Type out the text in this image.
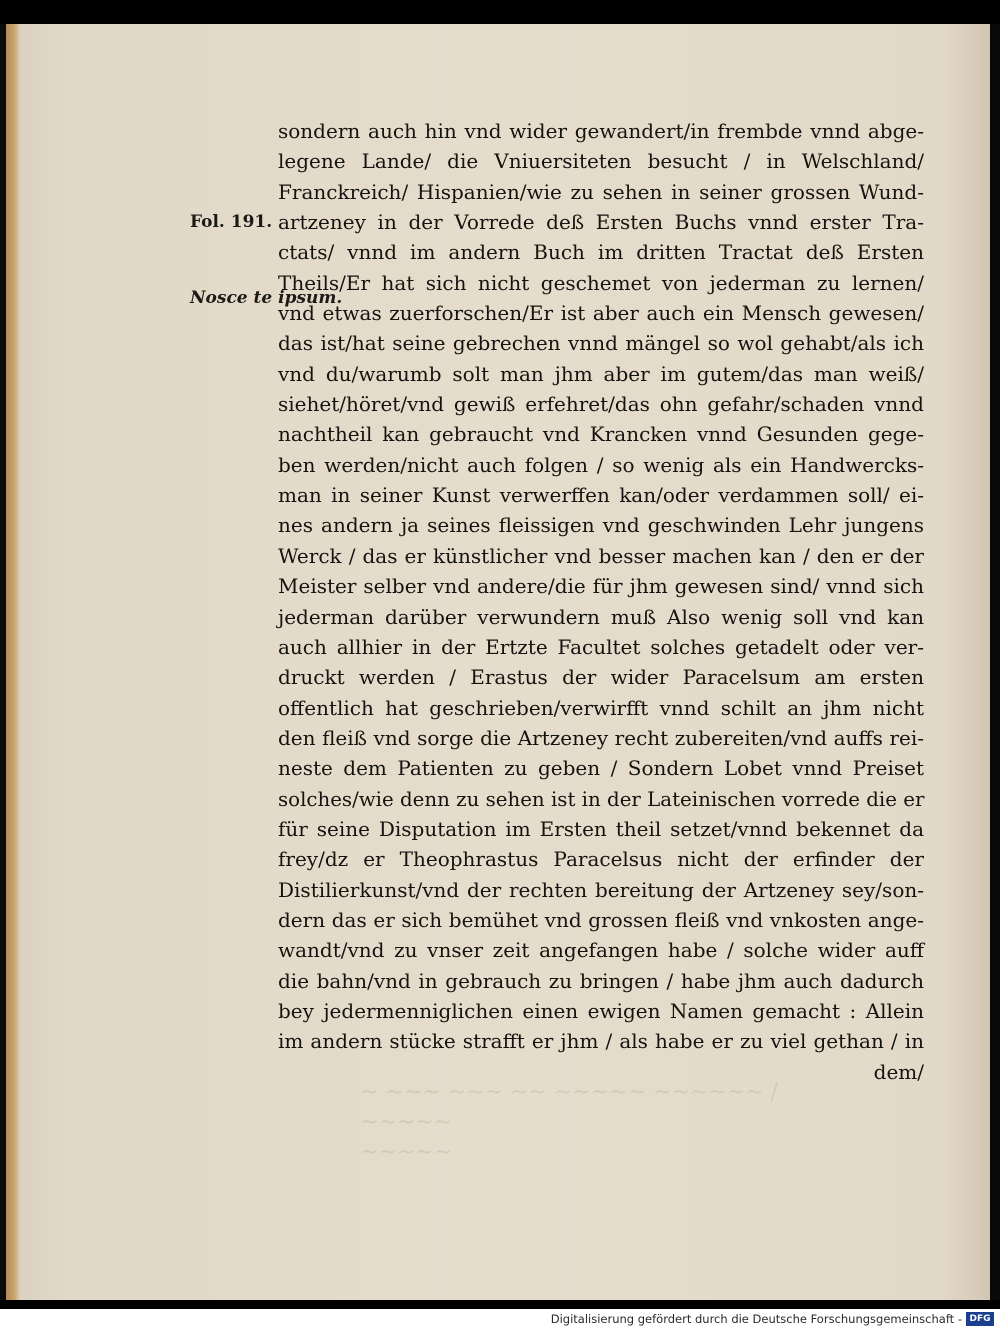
~ ~~~ ~~~ ~~ ~~~~~ ~~~~~~ / ~~~~~
~~~~~
Fol. 191.
Nosce te ipsum.
sondern auch hin vnd wider gewandert/in frembde vnnd abge-
legene Lande/ die Vniuersiteten besucht / in Welschland/
Franckreich/ Hispanien/wie zu sehen in seiner grossen Wund-
artzeney in der Vorrede deß Ersten Buchs vnnd erster Tra-
ctats/ vnnd im andern Buch im dritten Tractat deß Ersten
Theils/Er hat sich nicht geschemet von jederman zu lernen/
vnd etwas zuerforschen/Er ist aber auch ein Mensch gewesen/
das ist/hat seine gebrechen vnnd mängel so wol gehabt/als ich
vnd du/warumb solt man jhm aber im gutem/das man weiß/
siehet/höret/vnd gewiß erfehret/das ohn gefahr/schaden vnnd
nachtheil kan gebraucht vnd Krancken vnnd Gesunden gege-
ben werden/nicht auch folgen / so wenig als ein Handwercks-
man in seiner Kunst verwerffen kan/oder verdammen soll/ ei-
nes andern ja seines fleissigen vnd geschwinden Lehr jungens
Werck / das er künstlicher vnd besser machen kan / den er der
Meister selber vnd andere/die für jhm gewesen sind/ vnnd sich
jederman darüber verwundern muß Also wenig soll vnd kan
auch allhier in der Ertzte Facultet solches getadelt oder ver-
druckt werden / Erastus der wider Paracelsum am ersten
offentlich hat geschrieben/verwirfft vnnd schilt an jhm nicht
den fleiß vnd sorge die Artzeney recht zubereiten/vnd auffs rei-
neste dem Patienten zu geben / Sondern Lobet vnnd Preiset
solches/wie denn zu sehen ist in der Lateinischen vorrede die er
für seine Disputation im Ersten theil setzet/vnnd bekennet da
frey/dz er Theophrastus Paracelsus nicht der erfinder der
Distilierkunst/vnd der rechten bereitung der Artzeney sey/son-
dern das er sich bemühet vnd grossen fleiß vnd vnkosten ange-
wandt/vnd zu vnser zeit angefangen habe / solche wider auff
die bahn/vnd in gebrauch zu bringen / habe jhm auch dadurch
bey jedermenniglichen einen ewigen Namen gemacht : Allein
im andern stücke strafft er jhm / als habe er zu viel gethan / in
dem/
Digitalisierung gefördert durch die Deutsche Forschungsgemeinschaft - DFG
